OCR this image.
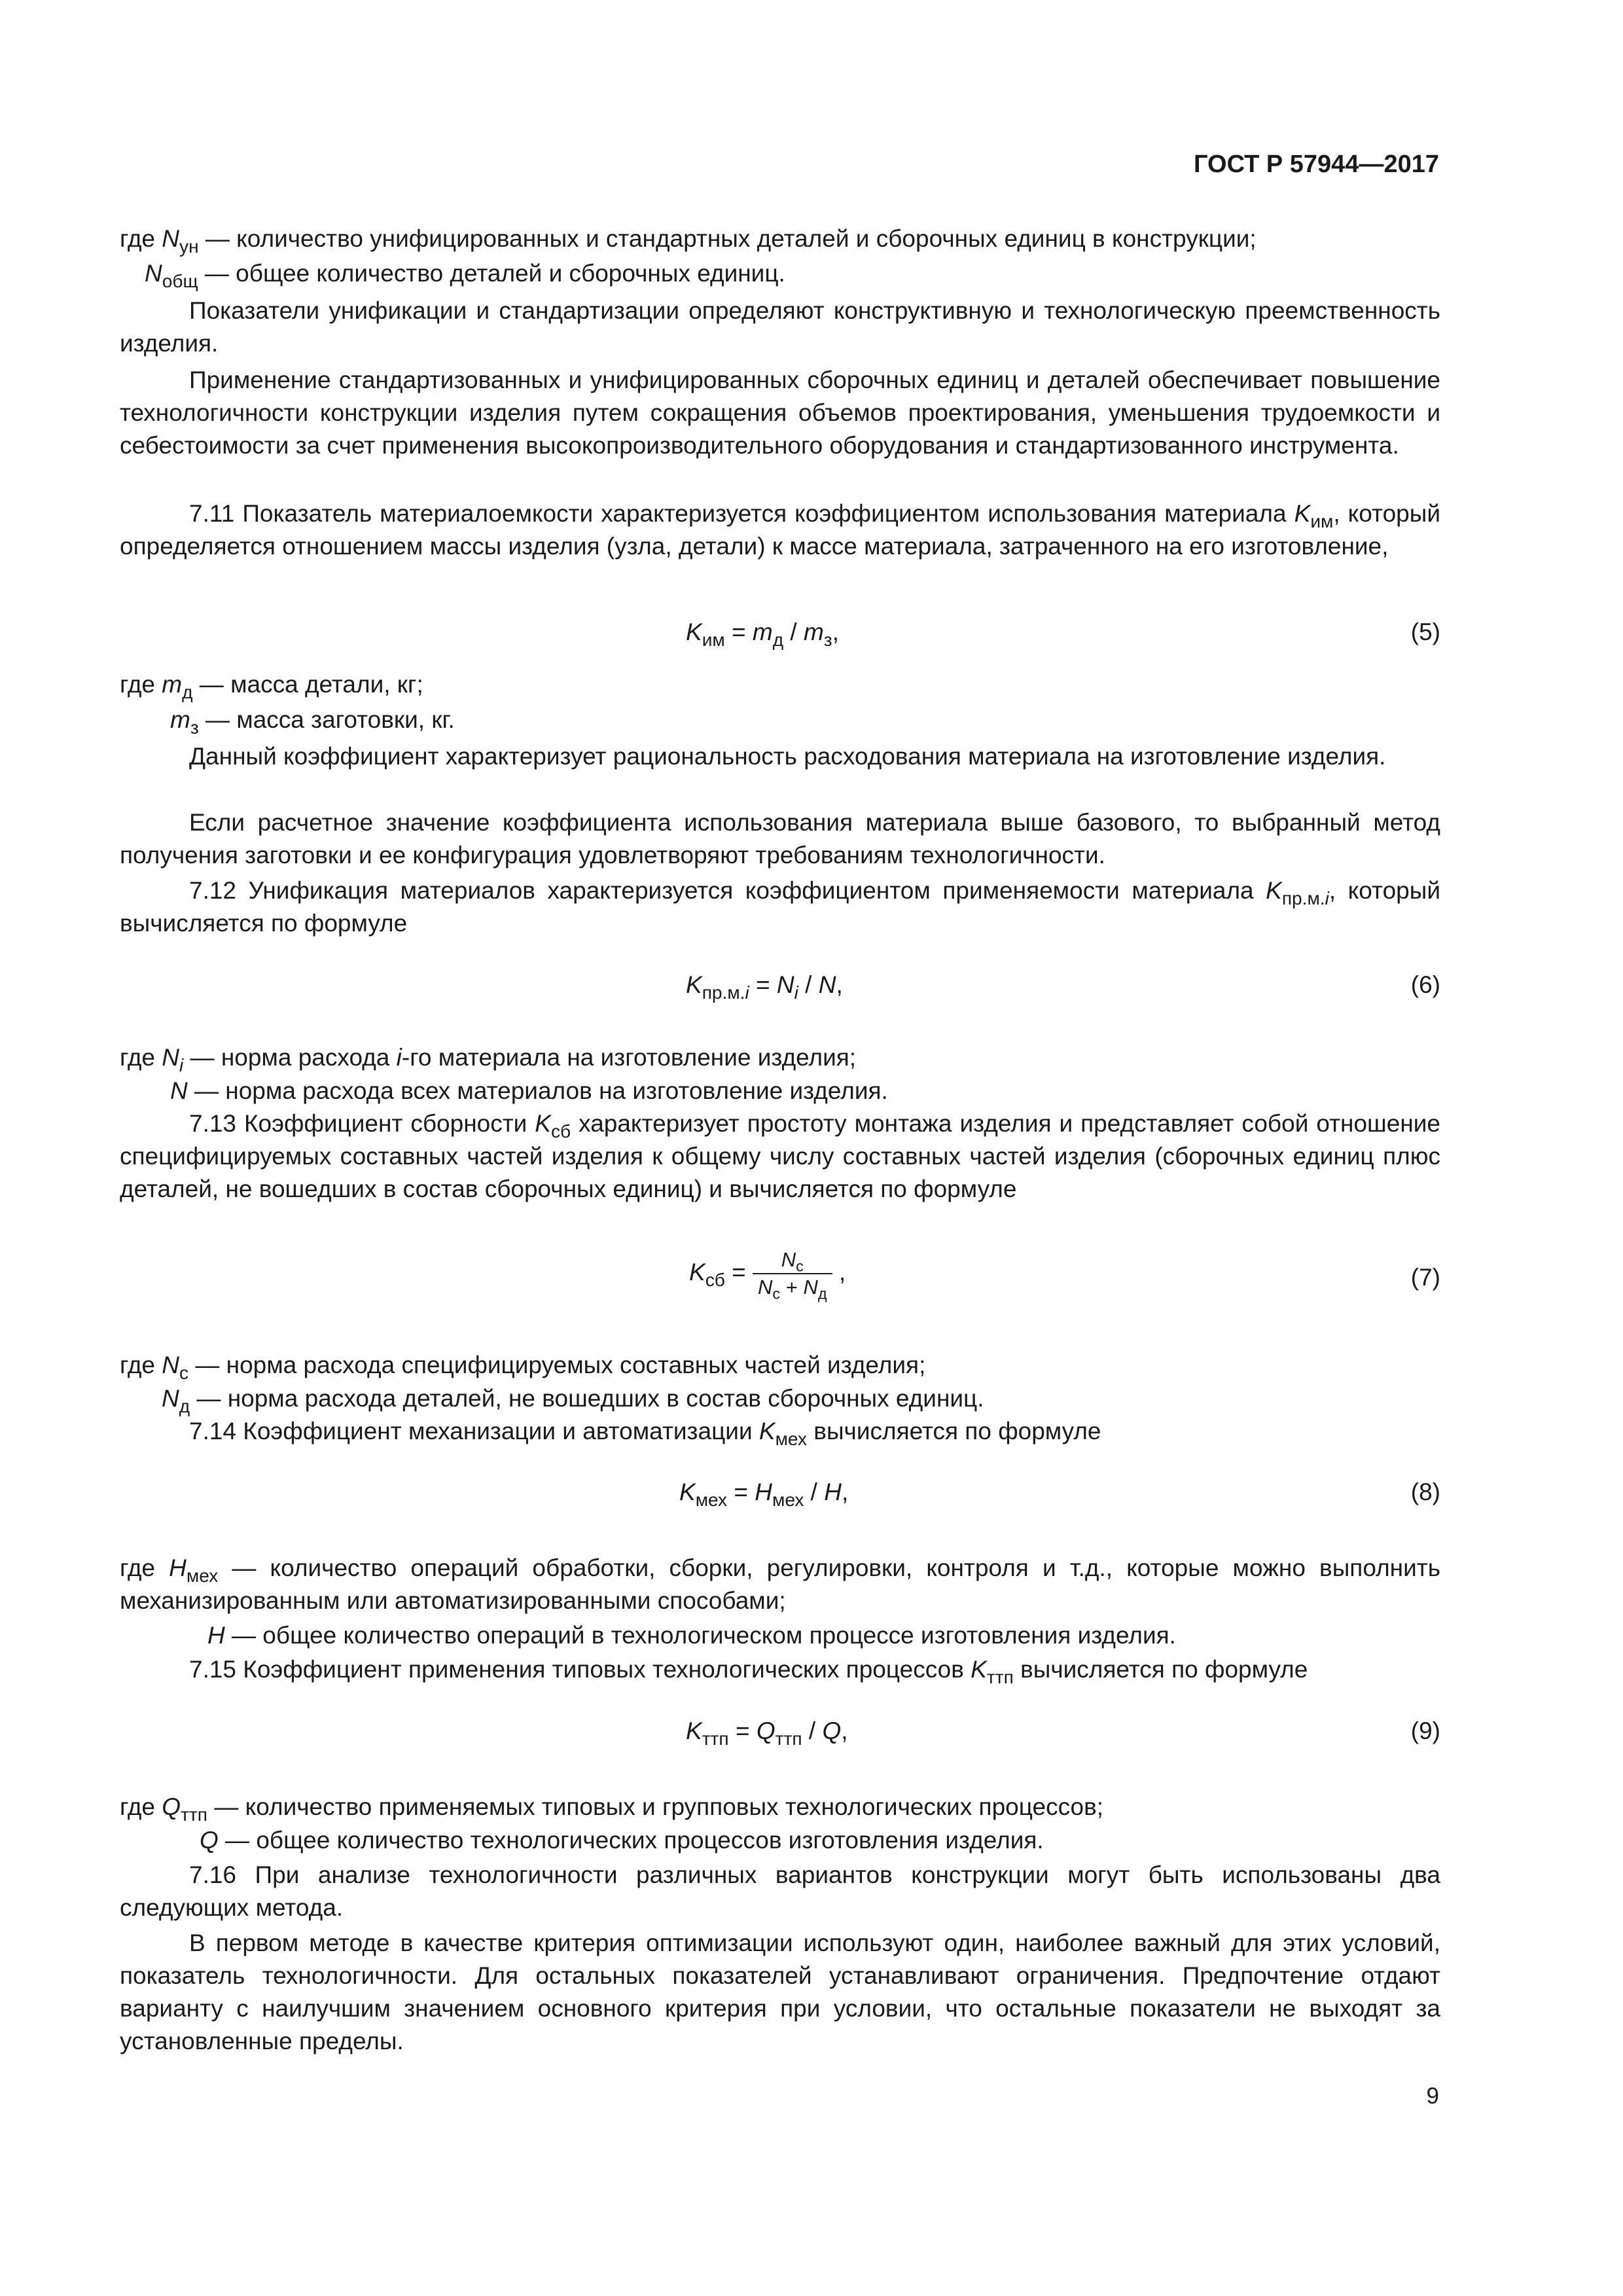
ГОСТ Р 57944—2017
где $N_{ун}$ — количество унифицированных и стандартных деталей и сборочных единиц в конструкции;
$N_{общ}$ — общее количество деталей и сборочных единиц.

Показатели унификации и стандартизации определяют конструктивную и технологическую преемственность изделия.

Применение стандартизованных и унифицированных сборочных единиц и деталей обеспечивает повышение технологичности конструкции изделия путем сокращения объемов проектирования, уменьшения трудоемкости и себестоимости за счет применения высокопроизводительного оборудования и стандартизованного инструмента.

7.11 Показатель материалоемкости характеризуется коэффициентом использования материала $K_{им}$, который определяется отношением массы изделия (узла, детали) к массе материала, затраченного на его изготовление,

$K_{им} = m_д / m_з$,	(5)
где $m_д$ — масса детали, кг;
$m_з$ — масса заготовки, кг.

Данный коэффициент характеризует рациональность расходования материала на изготовление изделия.

Если расчетное значение коэффициента использования материала выше базового, то выбранный метод получения заготовки и ее конфигурация удовлетворяют требованиям технологичности.

7.12 Унификация материалов характеризуется коэффициентом применяемости материала $K_{пр.м.i}$, который вычисляется по формуле

$K_{пр.м.i} = N_i / N$,	(6)
где $N_i$ — норма расхода i-го материала на изготовление изделия;
N — норма расхода всех материалов на изготовление изделия.

7.13 Коэффициент сборности $K_{сб}$ характеризует простоту монтажа изделия и представляет собой отношение специфицируемых составных частей изделия к общему числу составных частей изделия (сборочных единиц плюс деталей, не вошедших в состав сборочных единиц) и вычисляется по формуле

$K_{сб} = \frac{N_с}{N_с + N_д}$ ,	(7)
где $N_с$ — норма расхода специфицируемых составных частей изделия;
$N_д$ — норма расхода деталей, не вошедших в состав сборочных единиц.

7.14 Коэффициент механизации и автоматизации $K_{мех}$ вычисляется по формуле

$K_{мех} = H_{мех} / H$,	(8)

где $H_{мех}$ — количество операций обработки, сборки, регулировки, контроля и т.д., которые можно выполнить механизированным или автоматизированными способами;

H — общее количество операций в технологическом процессе изготовления изделия.

7.15 Коэффициент применения типовых технологических процессов $K_{ттп}$ вычисляется по формуле

$K_{ттп} = Q_{ттп} / Q$,	(9)
где $Q_{ттп}$ — количество применяемых типовых и групповых технологических процессов;
Q — общее количество технологических процессов изготовления изделия.

7.16 При анализе технологичности различных вариантов конструкции могут быть использованы два следующих метода.

В первом методе в качестве критерия оптимизации используют один, наиболее важный для этих условий, показатель технологичности. Для остальных показателей устанавливают ограничения. Предпочтение отдают варианту с наилучшим значением основного критерия при условии, что остальные показатели не выходят за установленные пределы.

9
